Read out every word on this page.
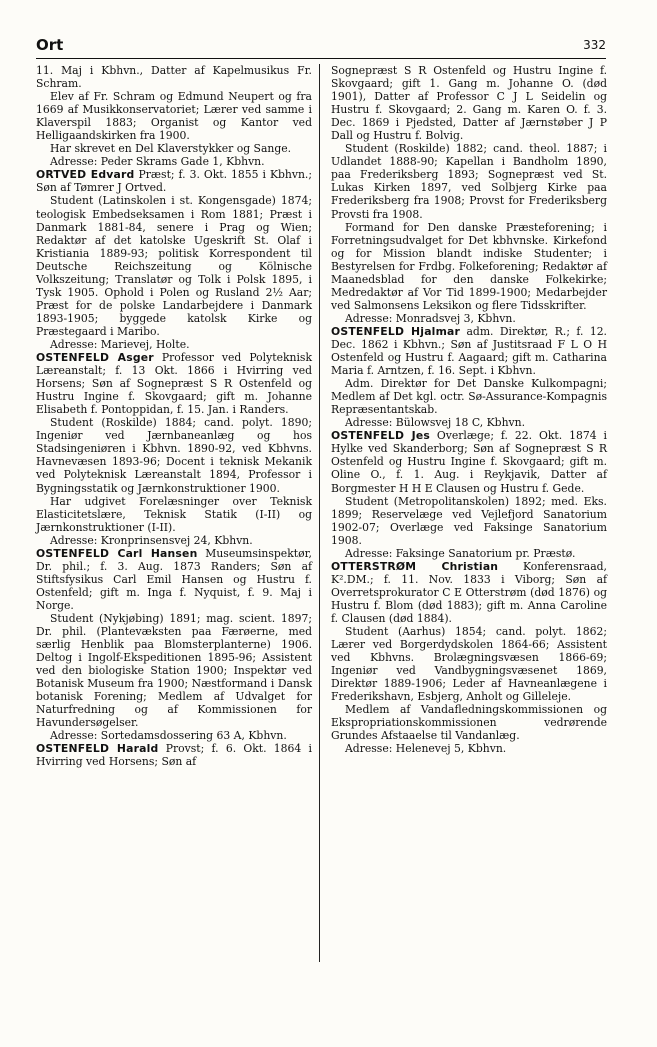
Ort	332

11. Maj i Kbhvn., Datter af Kapelmusikus Fr. Schram.

Elev af Fr. Schram og Edmund Neupert og fra 1669 af Musikkonservatoriet; Lærer ved samme i Klaverspil 1883; Organist og Kantor ved Helligaandskirken fra 1900.

Har skrevet en Del Klaverstykker og Sange.

Adresse: Peder Skrams Gade 1, Kbhvn.

ORTVED Edvard Præst; f. 3. Okt. 1855 i Kbhvn.; Søn af Tømrer J Ortved.

Student (Latinskolen i st. Kongensgade) 1874; teologisk Embedseksamen i Rom 1881; Præst i Danmark 1881-84, senere i Prag og Wien; Redaktør af det katolske Ugeskrift St. Olaf i Kristiania 1889-93; politisk Korrespondent til Deutsche Reichszeitung og Kölnische Volkszeitung; Translatør og Tolk i Polsk 1895, i Tysk 1905. Ophold i Polen og Rusland 2½ Aar; Præst for de polske Landarbejdere i Danmark 1893-1905; byggede katolsk Kirke og Præstegaard i Maribo.

Adresse: Marievej, Holte.

OSTENFELD Asger Professor ved Polyteknisk Læreanstalt; f. 13 Okt. 1866 i Hvirring ved Horsens; Søn af Sognepræst S R Ostenfeld og Hustru Ingine f. Skovgaard; gift m. Johanne Elisabeth f. Pontoppidan, f. 15. Jan. i Randers.

Student (Roskilde) 1884; cand. polyt. 1890; Ingeniør ved Jærnbaneanlæg og hos Stadsingeniøren i Kbhvn. 1890-92, ved Kbhvns. Havnevæsen 1893-96; Docent i teknisk Mekanik ved Polyteknisk Læreanstalt 1894, Professor i Bygningsstatik og Jærnkonstruktioner 1900.

Har udgivet Forelæsninger over Teknisk Elasticitetslære, Teknisk Statik (I-II) og Jærnkonstruktioner (I-II).

Adresse: Kronprinsensvej 24, Kbhvn.

OSTENFELD Carl Hansen Museumsinspektør, Dr. phil.; f. 3. Aug. 1873 Randers; Søn af Stiftsfysikus Carl Emil Hansen og Hustru f. Ostenfeld; gift m. Inga f. Nyquist, f. 9. Maj i Norge.

Student (Nykjøbing) 1891; mag. scient. 1897; Dr. phil. (Plantevæksten paa Færøerne, med særlig Henblik paa Blomsterplanterne) 1906. Deltog i Ingolf-Ekspeditionen 1895-96; Assistent ved den biologiske Station 1900; Inspektør ved Botanisk Museum fra 1900; Næstformand i Dansk botanisk Forening; Medlem af Udvalget for Naturfredning og af Kommissionen for Havundersøgelser.

Adresse: Sortedamsdossering 63 A, Kbhvn.

OSTENFELD Harald Provst; f. 6. Okt. 1864 i Hvirring ved Horsens; Søn af

Sognepræst S R Ostenfeld og Hustru Ingine f. Skovgaard; gift 1. Gang m. Johanne O. (død 1901), Datter af Professor C J L Seidelin og Hustru f. Skovgaard; 2. Gang m. Karen O. f. 3. Dec. 1869 i Pjedsted, Datter af Jærnstøber J P Dall og Hustru f. Bolvig.

Student (Roskilde) 1882; cand. theol. 1887; i Udlandet 1888-90; Kapellan i Bandholm 1890, paa Frederiksberg 1893; Sognepræst ved St. Lukas Kirken 1897, ved Solbjerg Kirke paa Frederiksberg fra 1908; Provst for Frederiksberg Provsti fra 1908.

Formand for Den danske Præsteforening; i Forretningsudvalget for Det kbhvnske. Kirkefond og for Mission blandt indiske Studenter; i Bestyrelsen for Frdbg. Folkeforening; Redaktør af Maanedsblad for den danske Folkekirke; Medredaktør af Vor Tid 1899-1900; Medarbejder ved Salmonsens Leksikon og flere Tidsskrifter.

Adresse: Monradsvej 3, Kbhvn.

OSTENFELD Hjalmar adm. Direktør, R.; f. 12. Dec. 1862 i Kbhvn.; Søn af Justitsraad F L O H Ostenfeld og Hustru f. Aagaard; gift m. Catharina Maria f. Arntzen, f. 16. Sept. i Kbhvn.

Adm. Direktør for Det Danske Kulkompagni; Medlem af Det kgl. octr. Sø-Assurance-Kompagnis Repræsentantskab.

Adresse: Bülowsvej 18 C, Kbhvn.

OSTENFELD Jes Overlæge; f. 22. Okt. 1874 i Hylke ved Skanderborg; Søn af Sognepræst S R Ostenfeld og Hustru Ingine f. Skovgaard; gift m. Oline O., f. 1. Aug. i Reykjavik, Datter af Borgmester H H E Clausen og Hustru f. Gede.

Student (Metropolitanskolen) 1892; med. Eks. 1899; Reservelæge ved Vejlefjord Sanatorium 1902-07; Overlæge ved Faksinge Sanatorium 1908.

Adresse: Faksinge Sanatorium pr. Præstø.

OTTERSTRØM Christian Konferensraad, K².DM.; f. 11. Nov. 1833 i Viborg; Søn af Overretsprokurator C E Otterstrøm (død 1876) og Hustru f. Blom (død 1883); gift m. Anna Caroline f. Clausen (død 1884).

Student (Aarhus) 1854; cand. polyt. 1862; Lærer ved Borgerdydskolen 1864-66; Assistent ved Kbhvns. Brolægningsvæsen 1866-69; Ingeniør ved Vandbygningsvæsenet 1869, Direktør 1889-1906; Leder af Havneanlægene i Frederikshavn, Esbjerg, Anholt og Gilleleje.

Medlem af Vandafledningskommissionen og Ekspropriationskommissionen vedrørende Grundes Afstaaelse til Vandanlæg.

Adresse: Helenevej 5, Kbhvn.
